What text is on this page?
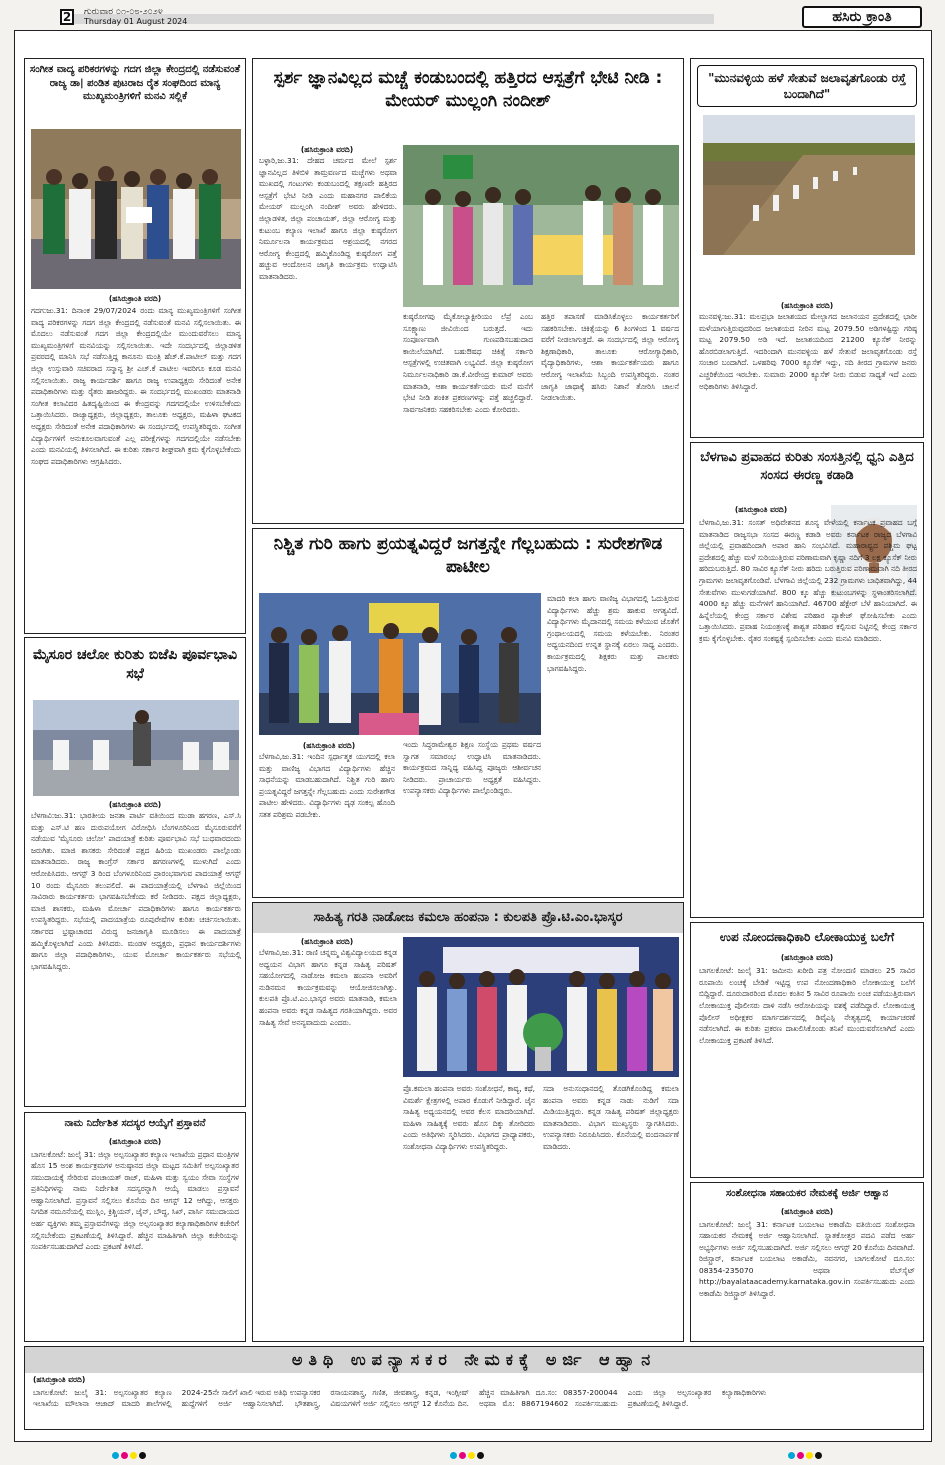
2	ಗುರುವಾರ ೦೧-೦೮-೨೦೨೪
Thursday 01 August 2024	ಹಸಿರು ಕ್ರಾಂತಿ
ಸಂಗೀತ ವಾದ್ಯ ಪರಿಕರಗಳನ್ನು ಗದಗ ಜಿಲ್ಲಾ ಕೇಂದ್ರದಲ್ಲಿ ನಡೆಸುವಂತೆ ರಾಜ್ಯ ಡಾ| ಪಂಡಿತ ಪುಟರಾಜ ರೈತ ಸಂಘದಿಂದ ಮಾನ್ಯ ಮುಖ್ಯಮಂತ್ರಿಗಳಿಗೆ ಮನವಿ ಸಲ್ಲಿಕೆ
(ಹಸಿರುಕ್ರಾಂತಿ ವರದಿ)
ಗದಗ:ಜು.31: ದಿನಾಂಕ 29/07/2024 ರಂದು ಮಾನ್ಯ ಮುಖ್ಯಮಂತ್ರಿಗಳಿಗೆ ಸಂಗೀತ ವಾದ್ಯ ಪರಿಕರಗಳನ್ನು ಗದಗ ಜಿಲ್ಲಾ ಕೇಂದ್ರದಲ್ಲಿ ನಡೆಸುವಂತೆ ಮನವಿ ಸಲ್ಲಿಸಲಾಯಿತು. ಈ ಮೊದಲು ನಡೆಸುವಂತೆ ಗದಗ ಜಿಲ್ಲಾ ಕೇಂದ್ರದಲ್ಲಿಯೇ ಮುಂದುವರೆಸಲು ಮಾನ್ಯ ಮುಖ್ಯಮಂತ್ರಿಗಳಿಗೆ ಮನವಿಯನ್ನು ಸಲ್ಲಿಸಲಾಯಿತು. ಇದೇ ಸಂದರ್ಭದಲ್ಲಿ ಜಿಲ್ಲಾಡಳಿತ ಪ್ರವರದಲ್ಲಿ ಮಾನಿಸಿ ಸಭೆ ನಡೆಸುತ್ತಿದ್ದ ಕಾನೂನು ಮಂತ್ರಿ ಹೆಚ್.ಕೆ.ಪಾಟೀಲ್ ಮತ್ತು ಗದಗ ಜಿಲ್ಲಾ ಉಸ್ತುವಾರಿ ಸಚಿವರಾದ ಸನ್ಮಾನ್ಯ ಶ್ರೀ ಎಚ್.ಕೆ ಪಾಟೀಲ ಇವರಿಗೂ ಕೂಡ ಮನವಿ ಸಲ್ಲಿಸಲಾಯಿತು. ರಾಜ್ಯ ಕಾರ್ಯದರ್ಶಿ ಹಾಗೂ ರಾಜ್ಯ ಉಪಾಧ್ಯಕ್ಷರು ಸೇರಿದಂತೆ ಅನೇಕ ಪದಾಧಿಕಾರಿಗಳು ಮತ್ತು ರೈತರು ಹಾಜರಿದ್ದರು. ಈ ಸಂದರ್ಭದಲ್ಲಿ ಮುಖಂಡರು ಮಾತನಾಡಿ ಸಂಗೀತ ಕಲಾವಿದರ ಹಿತದೃಷ್ಟಿಯಿಂದ ಈ ಕೇಂದ್ರವನ್ನು ಗದಗದಲ್ಲಿಯೇ ಉಳಿಸಬೇಕೆಂದು ಒತ್ತಾಯಿಸಿದರು. ರಾಜ್ಯಾಧ್ಯಕ್ಷರು, ಜಿಲ್ಲಾಧ್ಯಕ್ಷರು, ತಾಲೂಕು ಅಧ್ಯಕ್ಷರು, ಮಹಿಳಾ ಘಟಕದ ಅಧ್ಯಕ್ಷರು ಸೇರಿದಂತೆ ಅನೇಕ ಪದಾಧಿಕಾರಿಗಳು ಈ ಸಂದರ್ಭದಲ್ಲಿ ಉಪಸ್ಥಿತರಿದ್ದರು. ಸಂಗೀತ ವಿದ್ಯಾರ್ಥಿಗಳಿಗೆ ಅನುಕೂಲವಾಗುವಂತೆ ಎಲ್ಲ ಪರೀಕ್ಷೆಗಳನ್ನು ಗದಗದಲ್ಲಿಯೇ ನಡೆಸಬೇಕು ಎಂದು ಮನವಿಯಲ್ಲಿ ತಿಳಿಸಲಾಗಿದೆ. ಈ ಕುರಿತು ಸರ್ಕಾರ ಶೀಘ್ರವಾಗಿ ಕ್ರಮ ಕೈಗೊಳ್ಳಬೇಕೆಂದು ಸಂಘದ ಪದಾಧಿಕಾರಿಗಳು ಆಗ್ರಹಿಸಿದರು.
ಮೈಸೂರ ಚಲೋ ಕುರಿತು ಬಿಜೆಪಿ ಪೂರ್ವಭಾವಿ ಸಭೆ
(ಹಸಿರುಕ್ರಾಂತಿ ವರದಿ)
ಬೆಳಗಾವಿ:ಜು.31: ಭಾರತೀಯ ಜನತಾ ಪಾರ್ಟಿ ವತಿಯಿಂದ ಮುಡಾ ಹಗರಣ, ಎಸ್.ಸಿ ಮತ್ತು ಎಸ್.ಟಿ ಹಣ ದುರುಪಯೋಗ ವಿರೋಧಿಸಿ ಬೆಂಗಳೂರಿನಿಂದ ಮೈಸೂರುವರೆಗೆ ನಡೆಯುವ 'ಮೈಸೂರು ಚಲೋ' ಪಾದಯಾತ್ರೆ ಕುರಿತು ಪೂರ್ವಭಾವಿ ಸಭೆ ಬುಧವಾರದಂದು ಜರುಗಿತು. ಮಾಜಿ ಶಾಸಕರು ಸೇರಿದಂತೆ ಪಕ್ಷದ ಹಿರಿಯ ಮುಖಂಡರು ಪಾಲ್ಗೊಂಡು ಮಾತನಾಡಿದರು. ರಾಜ್ಯ ಕಾಂಗ್ರೆಸ್ ಸರ್ಕಾರ ಹಗರಣಗಳಲ್ಲಿ ಮುಳುಗಿದೆ ಎಂದು ಆರೋಪಿಸಿದರು. ಆಗಸ್ಟ್ 3 ರಿಂದ ಬೆಂಗಳೂರಿನಿಂದ ಪ್ರಾರಂಭವಾಗುವ ಪಾದಯಾತ್ರೆ ಆಗಸ್ಟ್ 10 ರಂದು ಮೈಸೂರು ತಲುಪಲಿದೆ. ಈ ಪಾದಯಾತ್ರೆಯಲ್ಲಿ ಬೆಳಗಾವಿ ಜಿಲ್ಲೆಯಿಂದ ಸಾವಿರಾರು ಕಾರ್ಯಕರ್ತರು ಭಾಗವಹಿಸಬೇಕೆಂದು ಕರೆ ನೀಡಿದರು. ಪಕ್ಷದ ಜಿಲ್ಲಾಧ್ಯಕ್ಷರು, ಮಾಜಿ ಶಾಸಕರು, ಮಹಿಳಾ ಮೋರ್ಚಾ ಪದಾಧಿಕಾರಿಗಳು ಹಾಗೂ ಕಾರ್ಯಕರ್ತರು ಉಪಸ್ಥಿತರಿದ್ದರು. ಸಭೆಯಲ್ಲಿ ಪಾದಯಾತ್ರೆಯ ರೂಪುರೇಷೆಗಳ ಕುರಿತು ಚರ್ಚಿಸಲಾಯಿತು. ಸರ್ಕಾರದ ಭ್ರಷ್ಟಾಚಾರದ ವಿರುದ್ಧ ಜನಜಾಗೃತಿ ಮೂಡಿಸಲು ಈ ಪಾದಯಾತ್ರೆ ಹಮ್ಮಿಕೊಳ್ಳಲಾಗಿದೆ ಎಂದು ತಿಳಿಸಿದರು. ಮಂಡಳ ಅಧ್ಯಕ್ಷರು, ಪ್ರಧಾನ ಕಾರ್ಯದರ್ಶಿಗಳು ಹಾಗೂ ಜಿಲ್ಲಾ ಪದಾಧಿಕಾರಿಗಳು, ಯುವ ಮೋರ್ಚಾ ಕಾರ್ಯಕರ್ತರು ಸಭೆಯಲ್ಲಿ ಭಾಗವಹಿಸಿದ್ದರು.
ನಾಮ ನಿರ್ದೇಶಿತ ಸದಸ್ಯರ ಆಯ್ಕೆಗೆ ಪ್ರಸ್ತಾವನೆ
(ಹಸಿರುಕ್ರಾಂತಿ ವರದಿ)
ಬಾಗಲಕೋಟೆ: ಜುಲೈ 31: ಜಿಲ್ಲಾ ಅಲ್ಪಸಂಖ್ಯಾತರ ಕಲ್ಯಾಣ ಇಲಾಖೆಯ ಪ್ರಧಾನ ಮಂತ್ರಿಗಳ ಹೊಸ 15 ಅಂಶ ಕಾರ್ಯಕ್ರಮಗಳ ಅನುಷ್ಠಾನದ ಜಿಲ್ಲಾ ಮಟ್ಟದ ಸಮಿತಿಗೆ ಅಲ್ಪಸಂಖ್ಯಾತರ ಸಮುದಾಯಕ್ಕೆ ಸೇರಿರುವ ಪಂಚಾಯತ್ ರಾಜ್, ಮಹಿಳಾ ಮತ್ತು ಸ್ವಯಂ ಸೇವಾ ಸಂಸ್ಥೆಗಳ ಪ್ರತಿನಿಧಿಗಳನ್ನು ನಾಮ ನಿರ್ದೇಶಿತ ಸದಸ್ಯರನ್ನಾಗಿ ಆಯ್ಕೆ ಮಾಡಲು ಪ್ರಸ್ತಾವನೆ ಆಹ್ವಾನಿಸಲಾಗಿದೆ. ಪ್ರಸ್ತಾವನೆ ಸಲ್ಲಿಸಲು ಕೊನೆಯ ದಿನ ಆಗಸ್ಟ್ 12 ಆಗಿದ್ದು, ಆಸಕ್ತರು ನಿಗದಿತ ನಮೂನೆಯಲ್ಲಿ ಮುಸ್ಲಿಂ, ಕ್ರಿಶ್ಚಿಯನ್, ಜೈನ್, ಬೌದ್ಧ, ಸಿಖ್, ಪಾರ್ಸಿ ಸಮುದಾಯದ ಅರ್ಹ ವ್ಯಕ್ತಿಗಳು ತಮ್ಮ ಪ್ರಸ್ತಾವನೆಗಳನ್ನು ಜಿಲ್ಲಾ ಅಲ್ಪಸಂಖ್ಯಾತರ ಕಲ್ಯಾಣಾಧಿಕಾರಿಗಳ ಕಚೇರಿಗೆ ಸಲ್ಲಿಸಬೇಕೆಂದು ಪ್ರಕಟಣೆಯಲ್ಲಿ ತಿಳಿಸಿದ್ದಾರೆ. ಹೆಚ್ಚಿನ ಮಾಹಿತಿಗಾಗಿ ಜಿಲ್ಲಾ ಕಚೇರಿಯನ್ನು ಸಂಪರ್ಕಿಸಬಹುದಾಗಿದೆ ಎಂದು ಪ್ರಕಟಣೆ ತಿಳಿಸಿದೆ.
ಸ್ಪರ್ಶ ಜ್ಞಾನವಿಲ್ಲದ ಮಚ್ಚೆ ಕಂಡುಬಂದಲ್ಲಿ ಹತ್ತಿರದ ಆಸ್ಪತ್ರೆಗೆ ಭೇಟಿ ನೀಡಿ : ಮೇಯರ್ ಮುಲ್ಲಂಗಿ ನಂದೀಶ್
(ಹಸಿರುಕ್ರಾಂತಿ ವರದಿ)
ಬಳ್ಳಾರಿ,ಜು.31: ದೇಹದ ಚರ್ಮದ ಮೇಲೆ ಸ್ಪರ್ಶ ಜ್ಞಾನವಿಲ್ಲದ ತಿಳಿಬಿಳಿ ತಾಮ್ರವರ್ಣದ ಮಚ್ಚೆಗಳು ಅಥವಾ ಮುಖದಲ್ಲಿ ಗಂಟುಗಳು ಕಂಡುಬಂದಲ್ಲಿ ತಕ್ಷಣವೇ ಹತ್ತಿರದ ಆಸ್ಪತ್ರೆಗೆ ಭೇಟಿ ನೀಡಿ ಎಂದು ಮಹಾನಗರ ಪಾಲಿಕೆಯ ಮೇಯರ್ ಮುಲ್ಲಂಗಿ ನಂದೀಶ್ ಅವರು ಹೇಳಿದರು. ಜಿಲ್ಲಾಡಳಿತ, ಜಿಲ್ಲಾ ಪಂಚಾಯತ್, ಜಿಲ್ಲಾ ಆರೋಗ್ಯ ಮತ್ತು ಕುಟುಂಬ ಕಲ್ಯಾಣ ಇಲಾಖೆ ಹಾಗೂ ಜಿಲ್ಲಾ ಕುಷ್ಠರೋಗ ನಿರ್ಮೂಲನಾ ಕಾರ್ಯಕ್ರಮದ ಆಶ್ರಯದಲ್ಲಿ ನಗರದ ಆರೋಗ್ಯ ಕೇಂದ್ರದಲ್ಲಿ ಹಮ್ಮಿಕೊಂಡಿದ್ದ ಕುಷ್ಠರೋಗ ಪತ್ತೆ ಹಚ್ಚುವ ಆಂದೋಲನ ಜಾಗೃತಿ ಕಾರ್ಯಕ್ರಮ ಉದ್ಘಾಟಿಸಿ ಮಾತನಾಡಿದರು.
ಕುಷ್ಠರೋಗವು ಮೈಕೋಬ್ಯಾಕ್ಟೀರಿಯಂ ಲೆಪ್ರೆ ಎಂಬ ಸೂಕ್ಷ್ಮಾಣು ಜೀವಿಯಿಂದ ಬರುತ್ತದೆ. ಇದು ಸಂಪೂರ್ಣವಾಗಿ ಗುಣಪಡಿಸಬಹುದಾದ ಕಾಯಿಲೆಯಾಗಿದೆ. ಬಹುಔಷಧ ಚಿಕಿತ್ಸೆ ಸರ್ಕಾರಿ ಆಸ್ಪತ್ರೆಗಳಲ್ಲಿ ಉಚಿತವಾಗಿ ಲಭ್ಯವಿದೆ. ಜಿಲ್ಲಾ ಕುಷ್ಠರೋಗ ನಿರ್ಮೂಲನಾಧಿಕಾರಿ ಡಾ.ಕೆ.ವೀರೇಂದ್ರ ಕುಮಾರ್ ಅವರು ಮಾತನಾಡಿ, ಆಶಾ ಕಾರ್ಯಕರ್ತೆಯರು ಮನೆ ಮನೆಗೆ ಭೇಟಿ ನೀಡಿ ಶಂಕಿತ ಪ್ರಕರಣಗಳನ್ನು ಪತ್ತೆ ಹಚ್ಚಲಿದ್ದಾರೆ. ಸಾರ್ವಜನಿಕರು ಸಹಕರಿಸಬೇಕು ಎಂದು ಕೋರಿದರು.
ಹತ್ತಿರ ತಪಾಸಣೆ ಮಾಡಿಸಿಕೊಳ್ಳಲು ಕಾರ್ಯಕರ್ತರಿಗೆ ಸಹಕರಿಸಬೇಕು. ಚಿಕಿತ್ಸೆಯನ್ನು 6 ತಿಂಗಳಿಂದ 1 ವರ್ಷದ ವರೆಗೆ ನೀಡಲಾಗುತ್ತದೆ. ಈ ಸಂದರ್ಭದಲ್ಲಿ ಜಿಲ್ಲಾ ಆರೋಗ್ಯ ಶಿಕ್ಷಣಾಧಿಕಾರಿ, ತಾಲೂಕು ಆರೋಗ್ಯಾಧಿಕಾರಿ, ವೈದ್ಯಾಧಿಕಾರಿಗಳು, ಆಶಾ ಕಾರ್ಯಕರ್ತೆಯರು ಹಾಗೂ ಆರೋಗ್ಯ ಇಲಾಖೆಯ ಸಿಬ್ಬಂದಿ ಉಪಸ್ಥಿತರಿದ್ದರು. ನಂತರ ಜಾಗೃತಿ ಜಾಥಾಕ್ಕೆ ಹಸಿರು ನಿಶಾನೆ ತೋರಿಸಿ ಚಾಲನೆ ನೀಡಲಾಯಿತು.
ನಿಶ್ಚಿತ ಗುರಿ ಹಾಗು ಪ್ರಯತ್ನವಿದ್ದರೆ ಜಗತ್ತನ್ನೇ ಗೆಲ್ಲಬಹುದು : ಸುರೇಶಗೌಡ ಪಾಟೀಲ
ಮಾದರಿ ಕಲಾ ಹಾಗು ವಾಣಿಜ್ಯ ವಿಭಾಗದಲ್ಲಿ ಓದುತ್ತಿರುವ ವಿದ್ಯಾರ್ಥಿಗಳು ಹೆಚ್ಚು ಶ್ರಮ ಹಾಕುವ ಅಗತ್ಯವಿದೆ. ವಿದ್ಯಾರ್ಥಿಗಳು ಮೈದಾನದಲ್ಲಿ ಸಮಯ ಕಳೆಯುವ ಜೊತೆಗೆ ಗ್ರಂಥಾಲಯದಲ್ಲಿ ಸಮಯ ಕಳೆಯಬೇಕು. ನಿರಂತರ ಅಧ್ಯಯನದಿಂದ ಉನ್ನತ ಸ್ಥಾನಕ್ಕೆ ಏರಲು ಸಾಧ್ಯ ಎಂದರು. ಕಾರ್ಯಕ್ರಮದಲ್ಲಿ ಶಿಕ್ಷಕರು ಮತ್ತು ಪಾಲಕರು ಭಾಗವಹಿಸಿದ್ದರು.
(ಹಸಿರುಕ್ರಾಂತಿ ವರದಿ)
ಬೆಳಗಾವಿ,ಜು.31: ಇಂದಿನ ಸ್ಪರ್ಧಾತ್ಮಕ ಯುಗದಲ್ಲಿ ಕಲಾ ಮತ್ತು ವಾಣಿಜ್ಯ ವಿಭಾಗದ ವಿದ್ಯಾರ್ಥಿಗಳು ಹೆಚ್ಚಿನ ಸಾಧನೆಯನ್ನು ಮಾಡಬಹುದಾಗಿದೆ. ನಿಶ್ಚಿತ ಗುರಿ ಹಾಗು ಪ್ರಯತ್ನವಿದ್ದರೆ ಜಗತ್ತನ್ನೇ ಗೆಲ್ಲಬಹುದು ಎಂದು ಸುರೇಶಗೌಡ ಪಾಟೀಲ ಹೇಳಿದರು. ವಿದ್ಯಾರ್ಥಿಗಳು ದೃಢ ಸಂಕಲ್ಪ ಹೊಂದಿ ಸತತ ಪರಿಶ್ರಮ ಪಡಬೇಕು.
ಇಂದು ಸಿದ್ಧರಾಮೇಶ್ವರ ಶಿಕ್ಷಣ ಸಂಸ್ಥೆಯ ಪ್ರಥಮ ವರ್ಷದ ಸ್ವಾಗತ ಸಮಾರಂಭ ಉದ್ಘಾಟಿಸಿ ಮಾತನಾಡಿದರು. ಕಾರ್ಯಕ್ರಮದ ಸಾನ್ನಿಧ್ಯ ವಹಿಸಿದ್ದ ಪೂಜ್ಯರು ಆಶೀರ್ವಚನ ನೀಡಿದರು. ಪ್ರಾಚಾರ್ಯರು ಅಧ್ಯಕ್ಷತೆ ವಹಿಸಿದ್ದರು. ಉಪನ್ಯಾಸಕರು ವಿದ್ಯಾರ್ಥಿಗಳು ಪಾಲ್ಗೊಂಡಿದ್ದರು.
ಸಾಹಿತ್ಯ ಗರತಿ ನಾಡೋಜ ಕಮಲಾ ಹಂಪನಾ : ಕುಲಪತಿ ಪ್ರೊ.ಟಿ.ಎಂ.ಭಾಸ್ಕರ
(ಹಸಿರುಕ್ರಾಂತಿ ವರದಿ)
ಬೆಳಗಾವಿ,ಜು.31: ರಾಣಿ ಚನ್ನಮ್ಮ ವಿಶ್ವವಿದ್ಯಾಲಯದ ಕನ್ನಡ ಅಧ್ಯಯನ ವಿಭಾಗ ಹಾಗೂ ಕನ್ನಡ ಸಾಹಿತ್ಯ ಪರಿಷತ್ ಸಹಯೋಗದಲ್ಲಿ ನಾಡೋಜ ಕಮಲಾ ಹಂಪನಾ ಅವರಿಗೆ ನುಡಿನಮನ ಕಾರ್ಯಕ್ರಮವನ್ನು ಆಯೋಜಿಸಲಾಗಿತ್ತು. ಕುಲಪತಿ ಪ್ರೊ.ಟಿ.ಎಂ.ಭಾಸ್ಕರ ಅವರು ಮಾತನಾಡಿ, ಕಮಲಾ ಹಂಪನಾ ಅವರು ಕನ್ನಡ ಸಾಹಿತ್ಯದ ಗರತಿಯಾಗಿದ್ದರು. ಅವರ ಸಾಹಿತ್ಯ ಸೇವೆ ಅನನ್ಯವಾದುದು ಎಂದರು.
ಪ್ರೊ.ಕಮಲಾ ಹಂಪನಾ ಅವರು ಸಂಶೋಧನೆ, ಕಾವ್ಯ, ಕಥೆ, ವಿಮರ್ಶೆ ಕ್ಷೇತ್ರಗಳಲ್ಲಿ ಅಪಾರ ಕೊಡುಗೆ ನೀಡಿದ್ದಾರೆ. ಜೈನ ಸಾಹಿತ್ಯ ಅಧ್ಯಯನದಲ್ಲಿ ಅವರ ಕೆಲಸ ಮಾದರಿಯಾಗಿದೆ. ಮಹಿಳಾ ಸಾಹಿತ್ಯಕ್ಕೆ ಅವರು ಹೊಸ ದಿಕ್ಕು ತೋರಿದರು ಎಂದು ಅತಿಥಿಗಳು ಸ್ಮರಿಸಿದರು. ವಿಭಾಗದ ಪ್ರಾಧ್ಯಾಪಕರು, ಸಂಶೋಧನಾ ವಿದ್ಯಾರ್ಥಿಗಳು ಉಪಸ್ಥಿತರಿದ್ದರು.
ಸದಾ ಅನುಸಂಧಾನದಲ್ಲಿ ತೊಡಗಿಕೊಂಡಿದ್ದ ಕಮಲಾ ಹಂಪನಾ ಅವರು ಕನ್ನಡ ನಾಡು ನುಡಿಗೆ ಸದಾ ಮಿಡಿಯುತ್ತಿದ್ದರು. ಕನ್ನಡ ಸಾಹಿತ್ಯ ಪರಿಷತ್ ಜಿಲ್ಲಾಧ್ಯಕ್ಷರು ಮಾತನಾಡಿದರು. ವಿಭಾಗ ಮುಖ್ಯಸ್ಥರು ಸ್ವಾಗತಿಸಿದರು. ಉಪನ್ಯಾಸಕರು ನಿರೂಪಿಸಿದರು. ಕೊನೆಯಲ್ಲಿ ವಂದನಾರ್ಪಣೆ ಮಾಡಿದರು.
"ಮುನವಳ್ಳಿಯ ಹಳೆ ಸೇತುವೆ ಜಲಾವೃತಗೊಂಡು ರಸ್ತೆ ಬಂದಾಗಿದೆ"
(ಹಸಿರುಕ್ರಾಂತಿ ವರದಿ)
ಮುನವಳ್ಳಿ:ಜು.31: ಮಲಪ್ರಭಾ ಜಲಾಶಯದ ಮೇಲ್ಭಾಗದ ಜಲಾನಯನ ಪ್ರದೇಶದಲ್ಲಿ ಭಾರೀ ಮಳೆಯಾಗುತ್ತಿರುವುದರಿಂದ ಜಲಾಶಯದ ನೀರಿನ ಮಟ್ಟ 2079.50 ಅಡಿಗಳಷ್ಟಿದ್ದು ಗರಿಷ್ಠ ಮಟ್ಟ 2079.50 ಅಡಿ ಇದೆ. ಜಲಾಶಯದಿಂದ 21200 ಕ್ಯೂಸೆಕ್ ನೀರನ್ನು ಹೊರಬಿಡಲಾಗುತ್ತಿದೆ. ಇದರಿಂದಾಗಿ ಮುನವಳ್ಳಿಯ ಹಳೆ ಸೇತುವೆ ಜಲಾವೃತಗೊಂಡು ರಸ್ತೆ ಸಂಚಾರ ಬಂದಾಗಿದೆ. ಒಳಹರಿವು 7000 ಕ್ಯೂಸೆಕ್ ಇದ್ದು, ನದಿ ತೀರದ ಗ್ರಾಮಗಳ ಜನರು ಎಚ್ಚರಿಕೆಯಿಂದ ಇರಬೇಕು. ಸುಮಾರು 2000 ಕ್ಯೂಸೆಕ್ ನೀರು ಬಿಡುವ ಸಾಧ್ಯತೆ ಇದೆ ಎಂದು ಅಧಿಕಾರಿಗಳು ತಿಳಿಸಿದ್ದಾರೆ.
ಬೆಳಗಾವಿ ಪ್ರವಾಹದ ಕುರಿತು ಸಂಸತ್ತಿನಲ್ಲಿ ಧ್ವನಿ ಎತ್ತಿದ ಸಂಸದ ಈರಣ್ಣ ಕಡಾಡಿ
(ಹಸಿರುಕ್ರಾಂತಿ ವರದಿ)
ಬೆಳಗಾವಿ,ಜು.31: ಸಂಸತ್ ಅಧಿವೇಶನದ ಶೂನ್ಯ ವೇಳೆಯಲ್ಲಿ ಕರ್ನಾಟಕ ಪ್ರವಾಹದ ಬಗ್ಗೆ ಮಾತನಾಡಿದ ರಾಜ್ಯಸಭಾ ಸಂಸದ ಈರಣ್ಣ ಕಡಾಡಿ ಅವರು ಕರ್ನಾಟಕ ರಾಜ್ಯದ ಬೆಳಗಾವಿ ಜಿಲ್ಲೆಯಲ್ಲಿ ಪ್ರವಾಹದಿಂದಾಗಿ ಅಪಾರ ಹಾನಿ ಸಂಭವಿಸಿದೆ. ಮಹಾರಾಷ್ಟ್ರದ ಪಶ್ಚಿಮ ಘಟ್ಟ ಪ್ರದೇಶದಲ್ಲಿ ಹೆಚ್ಚು ಮಳೆ ಸುರಿಯುತ್ತಿರುವ ಪರಿಣಾಮವಾಗಿ ಕೃಷ್ಣಾ ನದಿಗೆ 3 ಲಕ್ಷ ಕ್ಯೂಸೆಕ್ ನೀರು ಹರಿದುಬರುತ್ತಿದೆ. 80 ಸಾವಿರ ಕ್ಯೂಸೆಕ್ ನೀರು ಹರಿದು ಬರುತ್ತಿರುವ ಪರಿಣಾಮವಾಗಿ ನದಿ ತೀರದ ಗ್ರಾಮಗಳು ಜಲಾವೃತಗೊಂಡಿವೆ. ಬೆಳಗಾವಿ ಜಿಲ್ಲೆಯಲ್ಲಿ 232 ಗ್ರಾಮಗಳು ಬಾಧಿತವಾಗಿದ್ದು, 44 ಸೇತುವೆಗಳು ಮುಳುಗಡೆಯಾಗಿವೆ. 800 ಕ್ಕೂ ಹೆಚ್ಚು ಕುಟುಂಬಗಳನ್ನು ಸ್ಥಳಾಂತರಿಸಲಾಗಿದೆ. 4000 ಕ್ಕೂ ಹೆಚ್ಚು ಮನೆಗಳಿಗೆ ಹಾನಿಯಾಗಿದೆ. 46700 ಹೆಕ್ಟೇರ್ ಬೆಳೆ ಹಾನಿಯಾಗಿದೆ. ಈ ಹಿನ್ನೆಲೆಯಲ್ಲಿ ಕೇಂದ್ರ ಸರ್ಕಾರ ವಿಶೇಷ ಪರಿಹಾರ ಪ್ಯಾಕೇಜ್ ಘೋಷಿಸಬೇಕು ಎಂದು ಒತ್ತಾಯಿಸಿದರು. ಪ್ರವಾಹ ನಿಯಂತ್ರಣಕ್ಕೆ ಶಾಶ್ವತ ಪರಿಹಾರ ಕಲ್ಪಿಸುವ ನಿಟ್ಟಿನಲ್ಲಿ ಕೇಂದ್ರ ಸರ್ಕಾರ ಕ್ರಮ ಕೈಗೊಳ್ಳಬೇಕು. ರೈತರ ಸಂಕಷ್ಟಕ್ಕೆ ಸ್ಪಂದಿಸಬೇಕು ಎಂದು ಮನವಿ ಮಾಡಿದರು.
ಉಪ ನೋಂದಣಾಧಿಕಾರಿ ಲೋಕಾಯುಕ್ತ ಬಲೆಗೆ
(ಹಸಿರುಕ್ರಾಂತಿ ವರದಿ)
ಬಾಗಲಕೋಟೆ: ಜುಲೈ 31: ಜಮೀನು ಖರೀದಿ ಪತ್ರ ನೋಂದಣಿ ಮಾಡಲು 25 ಸಾವಿರ ರೂಪಾಯಿ ಲಂಚಕ್ಕೆ ಬೇಡಿಕೆ ಇಟ್ಟಿದ್ದ ಉಪ ನೋಂದಣಾಧಿಕಾರಿ ಲೋಕಾಯುಕ್ತ ಬಲೆಗೆ ಬಿದ್ದಿದ್ದಾರೆ. ದೂರುದಾರರಿಂದ ಮೊದಲ ಕಂತಿನ 5 ಸಾವಿರ ರೂಪಾಯಿ ಲಂಚ ಪಡೆಯುತ್ತಿರುವಾಗ ಲೋಕಾಯುಕ್ತ ಪೊಲೀಸರು ದಾಳಿ ನಡೆಸಿ ಆರೋಪಿಯನ್ನು ವಶಕ್ಕೆ ಪಡೆದಿದ್ದಾರೆ. ಲೋಕಾಯುಕ್ತ ಪೊಲೀಸ್ ಅಧೀಕ್ಷಕರ ಮಾರ್ಗದರ್ಶನದಲ್ಲಿ ಡಿವೈಎಸ್ಪಿ ನೇತೃತ್ವದಲ್ಲಿ ಕಾರ್ಯಾಚರಣೆ ನಡೆಸಲಾಗಿದೆ. ಈ ಕುರಿತು ಪ್ರಕರಣ ದಾಖಲಿಸಿಕೊಂಡು ತನಿಖೆ ಮುಂದುವರೆಸಲಾಗಿದೆ ಎಂದು ಲೋಕಾಯುಕ್ತ ಪ್ರಕಟಣೆ ತಿಳಿಸಿದೆ.
ಸಂಶೋಧನಾ ಸಹಾಯಕರ ನೇಮಕಕ್ಕೆ ಅರ್ಜಿ ಆಹ್ವಾನ
(ಹಸಿರುಕ್ರಾಂತಿ ವರದಿ)
ಬಾಗಲಕೋಟೆ: ಜುಲೈ 31: ಕರ್ನಾಟಕ ಬಯಲಾಟ ಅಕಾಡೆಮಿ ವತಿಯಿಂದ ಸಂಶೋಧನಾ ಸಹಾಯಕರ ನೇಮಕಕ್ಕೆ ಅರ್ಜಿ ಆಹ್ವಾನಿಸಲಾಗಿದೆ. ಸ್ನಾತಕೋತ್ತರ ಪದವಿ ಪಡೆದ ಅರ್ಹ ಅಭ್ಯರ್ಥಿಗಳು ಅರ್ಜಿ ಸಲ್ಲಿಸಬಹುದಾಗಿದೆ. ಅರ್ಜಿ ಸಲ್ಲಿಸಲು ಆಗಸ್ಟ್ 20 ಕೊನೆಯ ದಿನವಾಗಿದೆ. ರಿಜಿಸ್ಟ್ರಾರ್, ಕರ್ನಾಟಕ ಬಯಲಾಟ ಅಕಾಡೆಮಿ, ನವನಗರ, ಬಾಗಲಕೋಟೆ ದೂ.ಸಂ: 08354-235070 ಅಥವಾ ವೆಬ್‌ಸೈಟ್ http://bayalataacademy.karnataka.gov.in ಸಂಪರ್ಕಿಸಬಹುದು ಎಂದು ಅಕಾಡೆಮಿ ರಿಜಿಸ್ಟ್ರಾರ್ ತಿಳಿಸಿದ್ದಾರೆ.
ಅತಿಥಿ ಉಪನ್ಯಾಸಕರ ನೇಮಕಕ್ಕೆ ಅರ್ಜಿ ಆಹ್ವಾನ
(ಹಸಿರುಕ್ರಾಂತಿ ವರದಿ)
ಬಾಗಲಕೋಟೆ: ಜುಲೈ 31: ಅಲ್ಪಸಂಖ್ಯಾತರ ಕಲ್ಯಾಣ ಇಲಾಖೆಯ ಮೌಲಾನಾ ಆಜಾದ್ ಮಾದರಿ ಶಾಲೆಗಳಲ್ಲಿ 2024-25ನೇ ಸಾಲಿಗೆ ಖಾಲಿ ಇರುವ ಅತಿಥಿ ಉಪನ್ಯಾಸಕರ ಹುದ್ದೆಗಳಿಗೆ ಅರ್ಜಿ ಆಹ್ವಾನಿಸಲಾಗಿದೆ. ಭೌತಶಾಸ್ತ್ರ, ರಸಾಯನಶಾಸ್ತ್ರ, ಗಣಿತ, ಜೀವಶಾಸ್ತ್ರ, ಕನ್ನಡ, ಇಂಗ್ಲೀಷ್ ವಿಷಯಗಳಿಗೆ ಅರ್ಜಿ ಸಲ್ಲಿಸಲು ಆಗಸ್ಟ್ 12 ಕೊನೆಯ ದಿನ. ಹೆಚ್ಚಿನ ಮಾಹಿತಿಗಾಗಿ ದೂ.ಸಂ: 08357-200044 ಅಥವಾ ಮೊ: 8867194602 ಸಂಪರ್ಕಿಸಬಹುದು ಎಂದು ಜಿಲ್ಲಾ ಅಲ್ಪಸಂಖ್ಯಾತರ ಕಲ್ಯಾಣಾಧಿಕಾರಿಗಳು ಪ್ರಕಟಣೆಯಲ್ಲಿ ತಿಳಿಸಿದ್ದಾರೆ.
